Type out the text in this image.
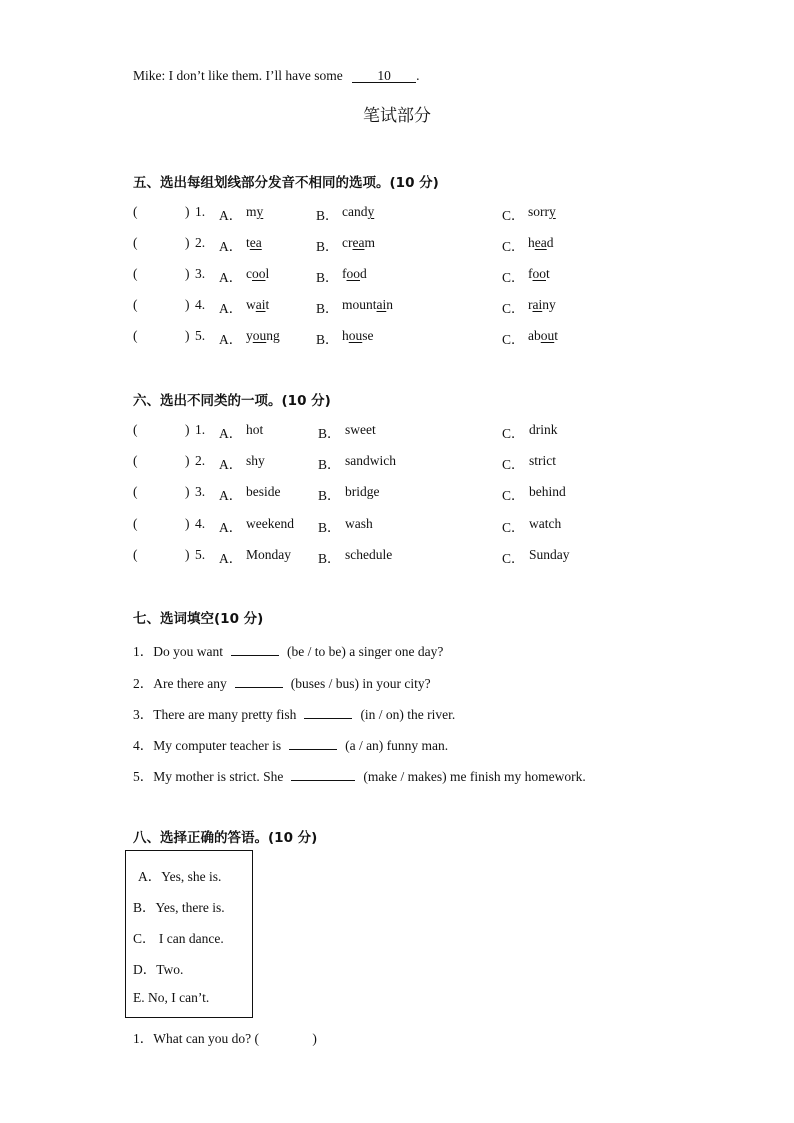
Mike: I don’t like them. I’ll have some	10 .
笔试部分
五、选出每组划线部分发音不相同的选项。(10 分)
(	) 1. A． my	B． candy	C． sorry
(	) 2. A． tea	B． cream	C． head
(	) 3. A． cool	B． food	C． foot
(	) 4. A． wait	B． mountain	C． rainy
(	) 5. A． young	B． house	C． about
六、选出不同类的一项。(10 分)
(	) 1. A． hot	B． sweet	C． drink
(	) 2. A． shy	B． sandwich	C． strict
(	) 3. A． beside	B． bridge	C． behind
(	) 4. A． weekend B． wash	C． watch
(	) 5. A． Monday B． schedule	C． Sunday
七、选词填空(10 分)
1．Do you want	(be / to be) a singer one day?
2．Are there any	(buses / bus) in your city?
3．There are many pretty fish	(in / on) the river.
4．My computer teacher is	(a / an) funny man.
5．My mother is strict. She	(make / makes) me finish my homework.
八、选择正确的答语。(10 分)
A．Yes, she is.
B．Yes, there is.
C． I can dance.
D．Two.
E. No, I can’t.
1．What can you do? (	)
